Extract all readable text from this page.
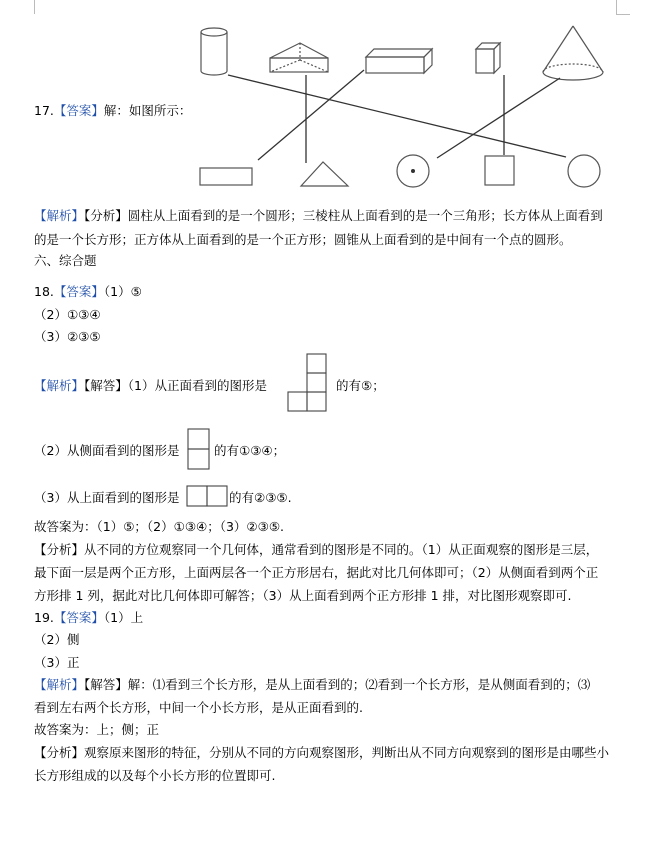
17.【答案】解：如图所示：
【解析】【分析】圆柱从上面看到的是一个圆形；三棱柱从上面看到的是一个三角形；长方体从上面看到
的是一个长方形；正方体从上面看到的是一个正方形；圆锥从上面看到的是中间有一个点的圆形。
六、综合题
18.【答案】（1）⑤
（2）①③④
（3）②③⑤
【解析】【解答】（1）从正面看到的图形是	的有⑤；
（2）从侧面看到的图形是	的有①③④；
（3）从上面看到的图形是	的有②③⑤.
故答案为：（1）⑤；（2）①③④；（3）②③⑤.
【分析】从不同的方位观察同一个几何体，通常看到的图形是不同的。（1）从正面观察的图形是三层，
最下面一层是两个正方形，上面两层各一个正方形居右，据此对比几何体即可；（2）从侧面看到两个正
方形排 1 列，据此对比几何体即可解答；（3）从上面看到两个正方形排 1 排，对比图形观察即可.
19.【答案】（1）上
（2）侧
（3）正
【解析】【解答】解：⑴看到三个长方形，是从上面看到的；⑵看到一个长方形，是从侧面看到的；⑶
看到左右两个长方形，中间一个小长方形，是从正面看到的.
故答案为：上；侧；正
【分析】观察原来图形的特征，分别从不同的方向观察图形，判断出从不同方向观察到的图形是由哪些小
长方形组成的以及每个小长方形的位置即可.
